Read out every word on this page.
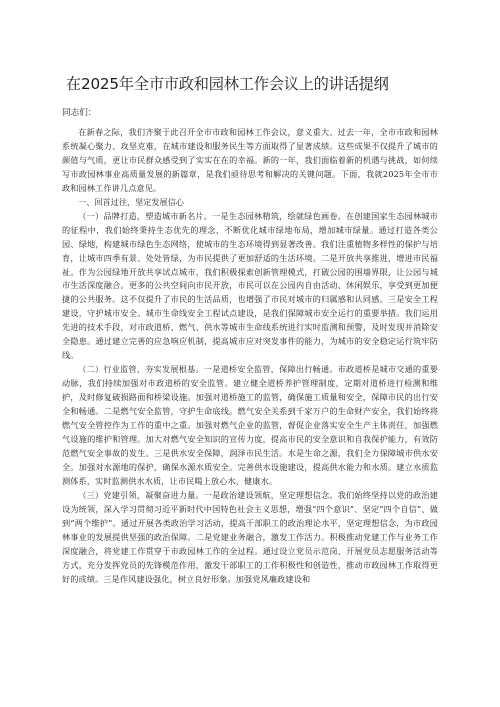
在2025年全市市政和园林工作会议上的讲话提纲

同志们：

在新春之际，我们齐聚于此召开全市市政和园林工作会议，意义重大、过去一年，全市市政和园林系统凝心聚力、攻坚克难，在城市建设和服务民生等方面取得了显著成绩。这些成果不仅提升了城市的颜值与气质，更让市民群众感受到了实实在在的幸福。新的一年，我们面临着新的机遇与挑战，如何续写市政园林事业高质量发展的新篇章，是我们亟待思考和解决的关键问题。下面，我就2025年全市市政和园林工作讲几点意见。

一、回首过往，坚定发展信心

（一）品牌打造，塑造城市新名片。一是生态园林精筑，绘就绿色画卷。在创建国家生态园林城市的征程中，我们始终秉持生态优先的理念，不断优化城市绿地布局，增加城市绿量。通过打造各类公园、绿地，构建城市绿色生态网络，使城市的生态环境得到显著改善。我们注重植物多样性的保护与培育，让城市四季有景、处处皆绿，为市民提供了更加舒适的生活环境。二是开放共享推进，增进市民福祉。作为公园绿地开放共享试点城市，我们积极探索创新管理模式，打破公园的围墙界限，让公园与城市生活深度融合。更多的公共空间向市民开放，市民可以在公园内自由活动、休闲娱乐，享受到更加便捷的公共服务。这不仅提升了市民的生活品质，也增强了市民对城市的归属感和认同感。三是安全工程建设，守护城市安全。城市生命线安全工程试点建设，是我们保障城市安全运行的重要举措。我们运用先进的技术手段，对市政道桥、燃气、供水等城市生命线系统进行实时监测和预警，及时发现并消除安全隐患。通过建立完善的应急响应机制，提高城市应对突发事件的能力，为城市的安全稳定运行筑牢防线。

（二）行业监管，夯实发展根基。一是道桥安全监管，保障出行畅通。市政道桥是城市交通的重要动脉，我们持续加强对市政道桥的安全监管。建立健全道桥养护管理制度，定期对道桥进行检测和维护，及时修复破损路面和桥梁设施。加强对道桥施工的监管，确保施工质量和安全，保障市民的出行安全和畅通。二是燃气安全监管，守护生命底线。燃气安全关系到千家万户的生命财产安全，我们始终将燃气安全管控作为工作的重中之重。加强对燃气企业的监管，督促企业落实安全生产主体责任，加强燃气设施的维护和管理。加大对燃气安全知识的宣传力度，提高市民的安全意识和自我保护能力，有效防范燃气安全事故的发生。三是供水安全保障，润泽市民生活。水是生命之源，我们全力保障城市供水安全。加强对水源地的保护，确保水源水质安全。完善供水设施建设，提高供水能力和水质。建立水质监测体系，实时监测供水水质，让市民喝上放心水、健康水。

（三）党建引领，凝聚奋进力量。一是政治建设领航，坚定理想信念。我们始终坚持以党的政治建设为统领，深入学习贯彻习近平新时代中国特色社会主义思想，增强“四个意识”、坚定“四个自信”、做到“两个维护”。通过开展各类政治学习活动，提高干部职工的政治理论水平，坚定理想信念，为市政园林事业的发展提供坚强的政治保障。二是党建业务融合，激发工作活力。积极推动党建工作与业务工作深度融合，将党建工作贯穿于市政园林工作的全过程。通过设立党员示范岗、开展党员志愿服务活动等方式，充分发挥党员的先锋模范作用，激发干部职工的工作积极性和创造性，推动市政园林工作取得更好的成绩。三是作风建设强化，树立良好形象。加强党风廉政建设和
